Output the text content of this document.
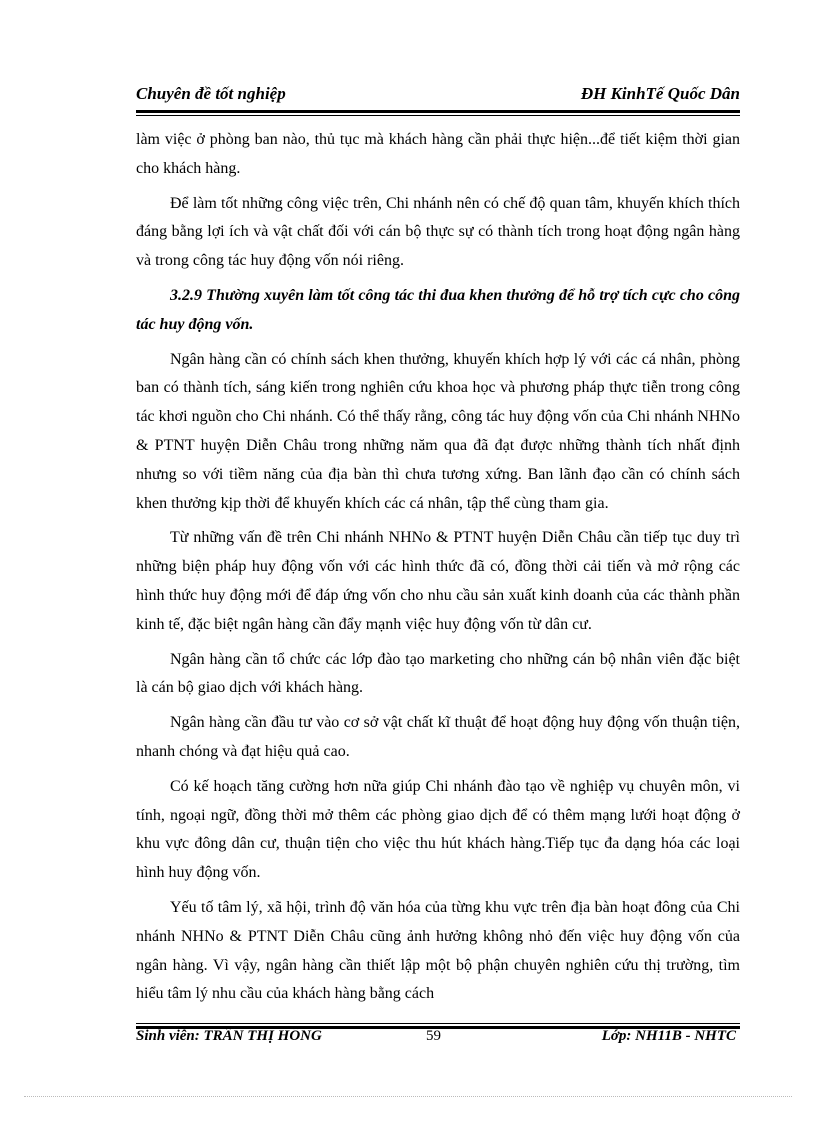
Chuyên đề tốt nghiệp	ĐH KinhTế Quốc Dân

làm việc ở phòng ban nào, thủ tục mà khách hàng cần phải thực hiện...để tiết kiệm thời gian cho khách hàng.

Để làm tốt những công việc trên, Chi nhánh nên có chế độ quan tâm, khuyến khích thích đáng bằng lợi ích và vật chất đối với cán bộ thực sự có thành tích trong hoạt động ngân hàng và trong công tác huy động vốn nói riêng.

3.2.9 Thường xuyên làm tốt công tác thi đua khen thưởng để hỗ trợ tích cực cho công tác huy động vốn.

Ngân hàng cần có chính sách khen thưởng, khuyến khích hợp lý với các cá nhân, phòng ban có thành tích, sáng kiến trong nghiên cứu khoa học và phương pháp thực tiễn trong công tác khơi nguồn cho Chi nhánh. Có thể thấy rằng, công tác huy động vốn của Chi nhánh NHNo & PTNT huyện Diễn Châu trong những năm qua đã đạt được những thành tích nhất định nhưng so với tiềm năng của địa bàn thì chưa tương xứng. Ban lãnh đạo cần có chính sách khen thưởng kịp thời để khuyến khích các cá nhân, tập thể cùng tham gia.

Từ những vấn đề trên Chi nhánh NHNo & PTNT huyện Diễn Châu cần tiếp tục duy trì những biện pháp huy động vốn với các hình thức đã có, đồng thời cải tiến và mở rộng các hình thức huy động mới để đáp ứng vốn cho nhu cầu sản xuất kinh doanh của các thành phần kinh tế, đặc biệt ngân hàng cần đẩy mạnh việc huy động vốn từ dân cư.

Ngân hàng cần tổ chức các lớp đào tạo marketing cho những cán bộ nhân viên đặc biệt là cán bộ giao dịch với khách hàng.

Ngân hàng cần đầu tư vào cơ sở vật chất kĩ thuật để hoạt động huy động vốn thuận tiện, nhanh chóng và đạt hiệu quả cao.

Có kế hoạch tăng cường hơn nữa giúp Chi nhánh đào tạo về nghiệp vụ chuyên môn, vi tính, ngoại ngữ, đồng thời mở thêm các phòng giao dịch để có thêm mạng lưới hoạt động ở khu vực đông dân cư, thuận tiện cho việc thu hút khách hàng.Tiếp tục đa dạng hóa các loại hình huy động vốn.

Yếu tố tâm lý, xã hội, trình độ văn hóa của từng khu vực trên địa bàn hoạt đông của Chi nhánh NHNo & PTNT Diễn Châu cũng ảnh hưởng không nhỏ đến việc huy động vốn của ngân hàng. Vì vậy, ngân hàng cần thiết lập một bộ phận chuyên nghiên cứu thị trường, tìm hiểu tâm lý nhu cầu của khách hàng bằng cách

Sinh viên: TRẦN THỊ HỒNG	59	Lớp: NH11B - NHTC
